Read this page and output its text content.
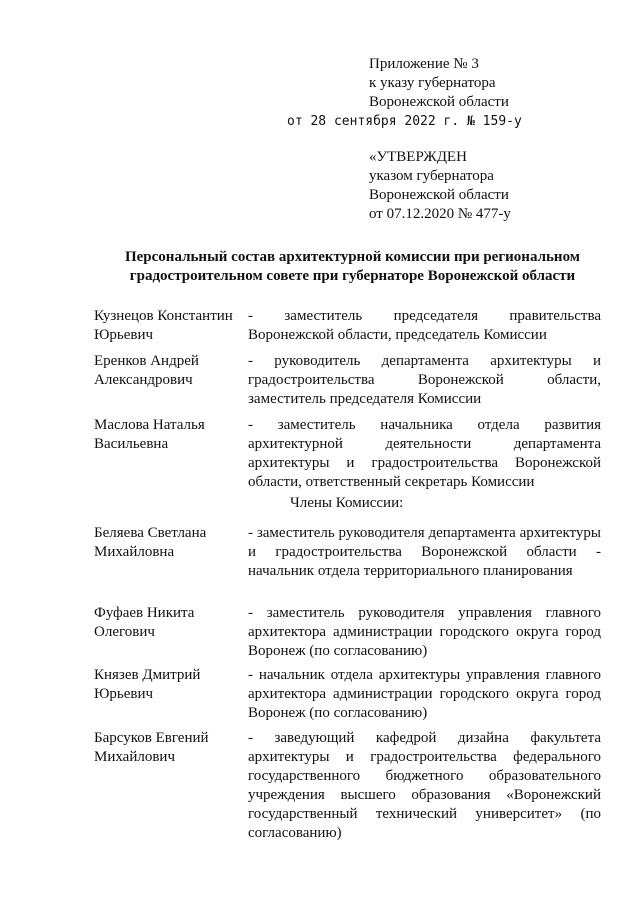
Приложение № 3
к указу губернатора
Воронежской области
от 28 сентября 2022 г. № 159-у
«УТВЕРЖДЕН
указом губернатора
Воронежской области
от 07.12.2020 № 477-у
Персональный состав архитектурной комиссии при региональном градостроительном совете при губернаторе Воронежской области
Кузнецов Константин Юрьевич
- заместитель председателя правительства Воронежской области, председатель Комиссии
Еренков Андрей Александрович
- руководитель департамента архитектуры и градостроительства Воронежской области, заместитель председателя Комиссии
Маслова Наталья Васильевна
- заместитель начальника отдела развития архитектурной деятельности департамента архитектуры и градостроительства Воронежской области, ответственный секретарь Комиссии
Члены Комиссии:
Беляева Светлана Михайловна
- заместитель руководителя департамента архитектуры и градостроительства Воронежской области - начальник отдела территориального планирования
Фуфаев Никита Олегович
- заместитель руководителя управления главного архитектора администрации городского округа город Воронеж (по согласованию)
Князев Дмитрий Юрьевич
- начальник отдела архитектуры управления главного архитектора администрации городского округа город Воронеж (по согласованию)
Барсуков Евгений Михайлович
- заведующий кафедрой дизайна факультета архитектуры и градостроительства федерального государственного бюджетного образовательного учреждения высшего образования «Воронежский государственный технический университет» (по согласованию)
